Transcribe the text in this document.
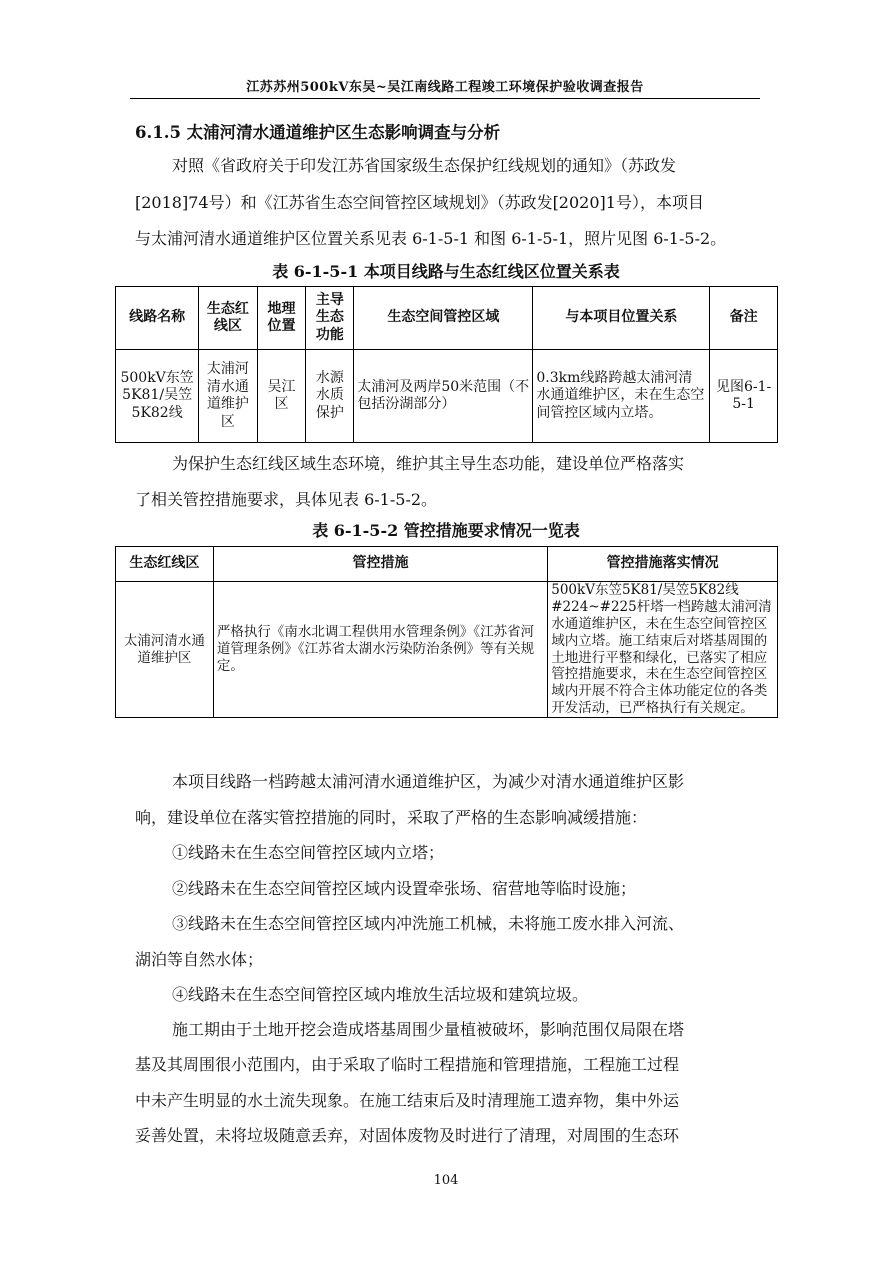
江苏苏州500kV东吴~吴江南线路工程竣工环境保护验收调查报告
6.1.5 太浦河清水通道维护区生态影响调查与分析
对照《省政府关于印发江苏省国家级生态保护红线规划的通知》（苏政发
[2018]74号）和《江苏省生态空间管控区域规划》（苏政发[2020]1号），本项目
与太浦河清水通道维护区位置关系见表 6-1-5-1 和图 6-1-5-1，照片见图 6-1-5-2。
表 6-1-5-1 本项目线路与生态红线区位置关系表
线路名称	生态红线区	地理位置	主导生态功能	生态空间管控区域	与本项目位置关系	备注
500kV东笠5K81/吴笠5K82线	太浦河清水通道维护区	吴江区	水源水质保护	太浦河及两岸50米范围（不包括汾湖部分）	0.3km线路跨越太浦河清水通道维护区，未在生态空间管控区域内立塔。	见图6-1-5-1
为保护生态红线区域生态环境，维护其主导生态功能，建设单位严格落实
了相关管控措施要求，具体见表 6-1-5-2。
表 6-1-5-2 管控措施要求情况一览表
生态红线区	管控措施	管控措施落实情况
太浦河清水通道维护区	严格执行《南水北调工程供用水管理条例》《江苏省河道管理条例》《江苏省太湖水污染防治条例》等有关规定。	500kV东笠5K81/吴笠5K82线#224~#225杆塔一档跨越太浦河清水通道维护区，未在生态空间管控区域内立塔。施工结束后对塔基周围的土地进行平整和绿化，已落实了相应管控措施要求，未在生态空间管控区域内开展不符合主体功能定位的各类开发活动，已严格执行有关规定。
本项目线路一档跨越太浦河清水通道维护区，为减少对清水通道维护区影
响，建设单位在落实管控措施的同时，采取了严格的生态影响减缓措施：
①线路未在生态空间管控区域内立塔；
②线路未在生态空间管控区域内设置牵张场、宿营地等临时设施；
③线路未在生态空间管控区域内冲洗施工机械，未将施工废水排入河流、
湖泊等自然水体；
④线路未在生态空间管控区域内堆放生活垃圾和建筑垃圾。
施工期由于土地开挖会造成塔基周围少量植被破坏，影响范围仅局限在塔
基及其周围很小范围内，由于采取了临时工程措施和管理措施，工程施工过程
中未产生明显的水土流失现象。在施工结束后及时清理施工遗弃物，集中外运
妥善处置，未将垃圾随意丢弃，对固体废物及时进行了清理，对周围的生态环
104
